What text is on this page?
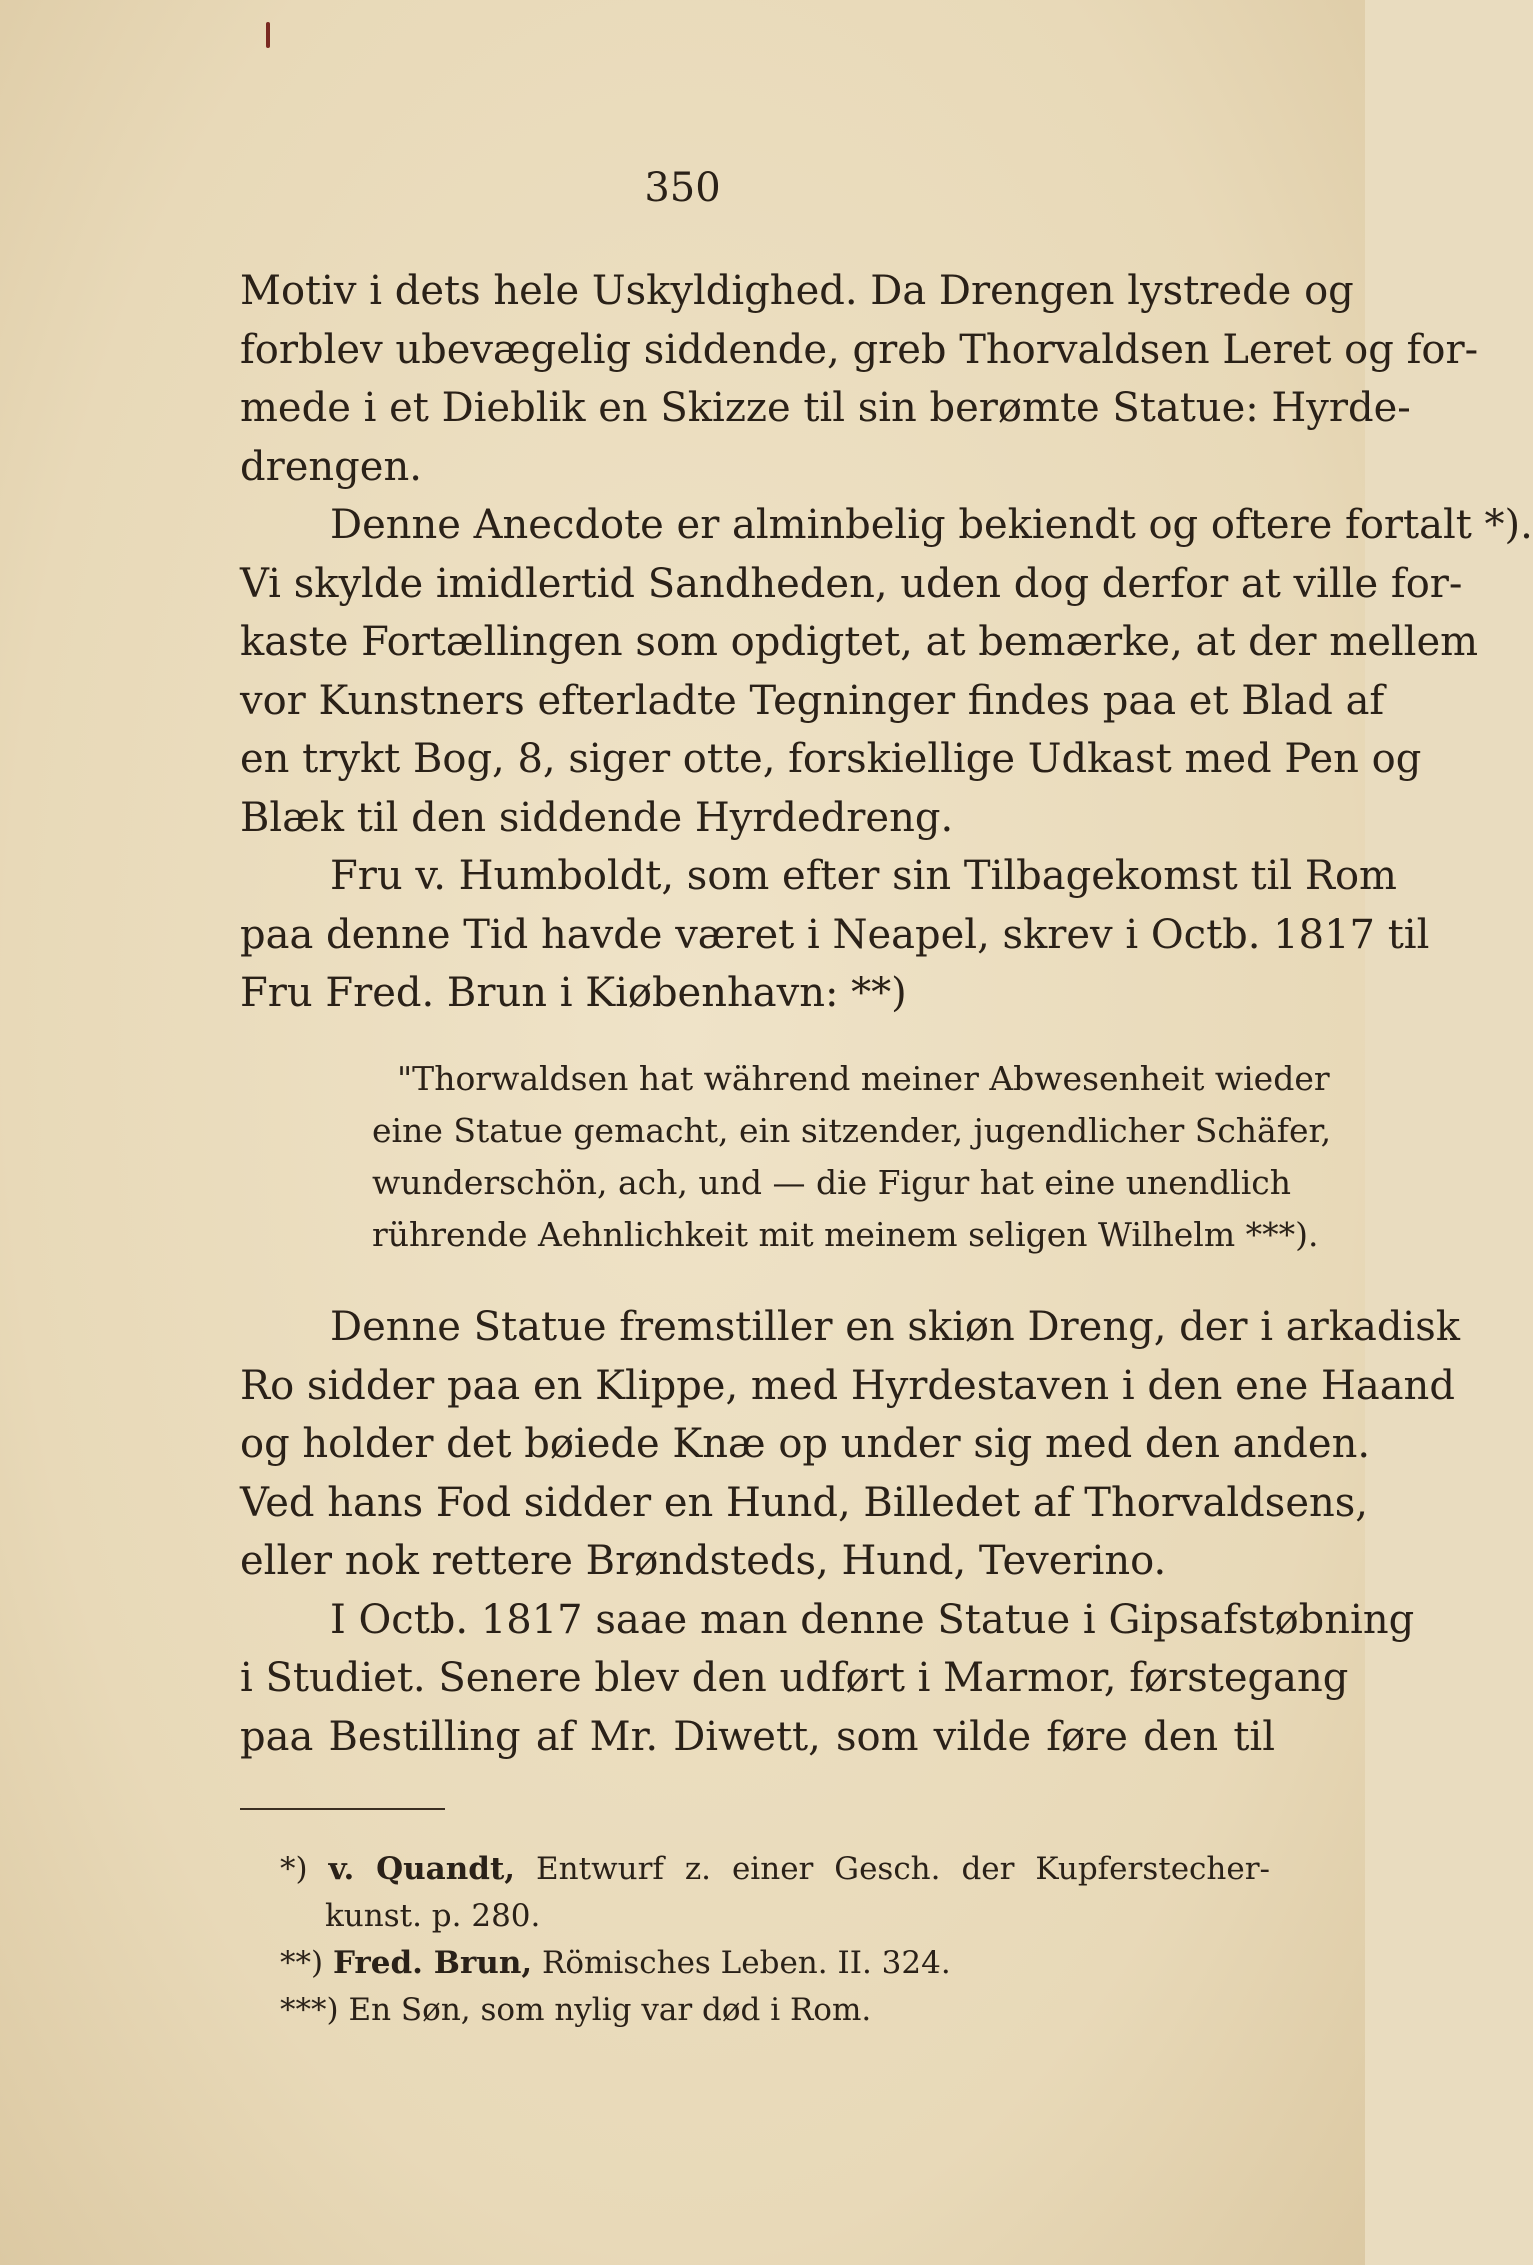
350
Motiv i dets hele Uskyldighed. Da Drengen lystrede og
forblev ubevægelig siddende, greb Thorvaldsen Leret og for-
mede i et Dieblik en Skizze til sin berømte Statue: Hyrde-
drengen.
Denne Anecdote er alminbelig bekiendt og oftere fortalt *).
Vi skylde imidlertid Sandheden, uden dog derfor at ville for-
kaste Fortællingen som opdigtet, at bemærke, at der mellem
vor Kunstners efterladte Tegninger findes paa et Blad af
en trykt Bog, 8, siger otte, forskiellige Udkast med Pen og
Blæk til den siddende Hyrdedreng.
Fru v. Humboldt, som efter sin Tilbagekomst til Rom
paa denne Tid havde været i Neapel, skrev i Octb. 1817 til
Fru Fred. Brun i Kiøbenhavn: **)
"Thorwaldsen hat während meiner Abwesenheit wieder
eine Statue gemacht, ein sitzender, jugendlicher Schäfer,
wunderschön, ach, und — die Figur hat eine unendlich
rührende Aehnlichkeit mit meinem seligen Wilhelm ***).
Denne Statue fremstiller en skiøn Dreng, der i arkadisk
Ro sidder paa en Klippe, med Hyrdestaven i den ene Haand
og holder det bøiede Knæ op under sig med den anden.
Ved hans Fod sidder en Hund, Billedet af Thorvaldsens,
eller nok rettere Brøndsteds, Hund, Teverino.
I Octb. 1817 saae man denne Statue i Gipsafstøbning
i Studiet. Senere blev den udført i Marmor, førstegang
paa Bestilling af Mr. Diwett, som vilde føre den til
*) v. Quandt, Entwurf z. einer Gesch. der Kupferstecher-
kunst. p. 280.
**) Fred. Brun, Römisches Leben. II. 324.
***) En Søn, som nylig var død i Rom.
